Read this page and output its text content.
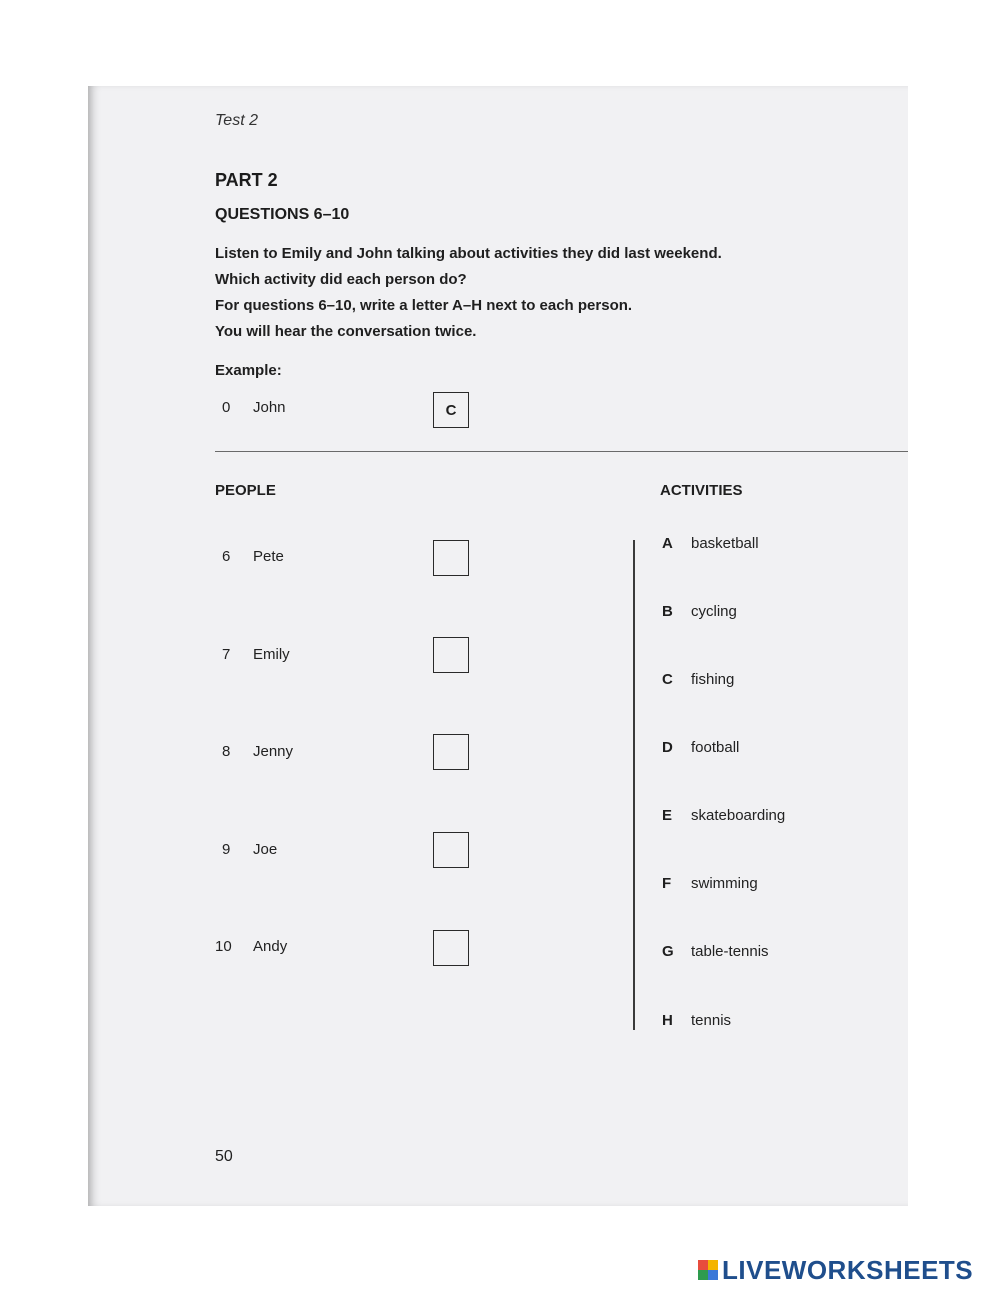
Test 2
PART 2
QUESTIONS 6–10
Listen to Emily and John talking about activities they did last weekend.
Which activity did each person do?
For questions 6–10, write a letter A–H next to each person.
You will hear the conversation twice.
Example:
0 John	C
PEOPLE	ACTIVITIES
6 Pete
7 Emily
8 Jenny
9 Joe
10 Andy
A basketball
B cycling
C fishing
D football
E skateboarding
F swimming
G table-tennis
H tennis
50
LIVEWORKSHEETS
